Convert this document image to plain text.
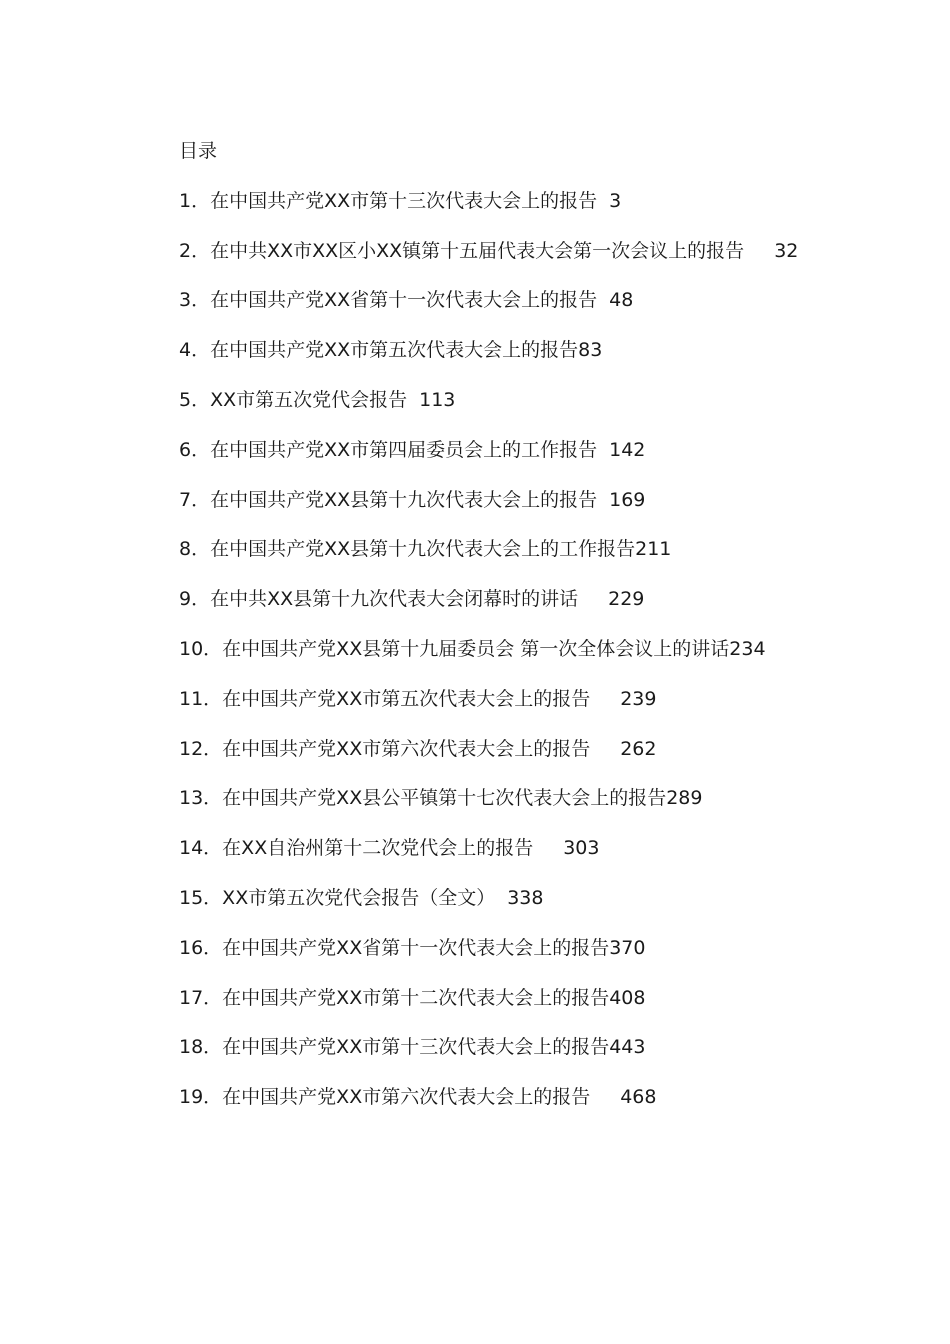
目录

1．在中国共产党XX市第十三次代表大会上的报告 3

2．在中共XX市XX区小XX镇第十五届代表大会第一次会议上的报告 32

3．在中国共产党XX省第十一次代表大会上的报告 48

4．在中国共产党XX市第五次代表大会上的报告83

5．XX市第五次党代会报告 113

6．在中国共产党XX市第四届委员会上的工作报告 142

7．在中国共产党XX县第十九次代表大会上的报告 169

8．在中国共产党XX县第十九次代表大会上的工作报告211

9．在中共XX县第十九次代表大会闭幕时的讲话 229

10．在中国共产党XX县第十九届委员会 第一次全体会议上的讲话234

11．在中国共产党XX市第五次代表大会上的报告 239

12．在中国共产党XX市第六次代表大会上的报告 262

13．在中国共产党XX县公平镇第十七次代表大会上的报告289

14．在XX自治州第十二次党代会上的报告 303

15．XX市第五次党代会报告（全文） 338

16．在中国共产党XX省第十一次代表大会上的报告370

17．在中国共产党XX市第十二次代表大会上的报告408

18．在中国共产党XX市第十三次代表大会上的报告443

19．在中国共产党XX市第六次代表大会上的报告 468
